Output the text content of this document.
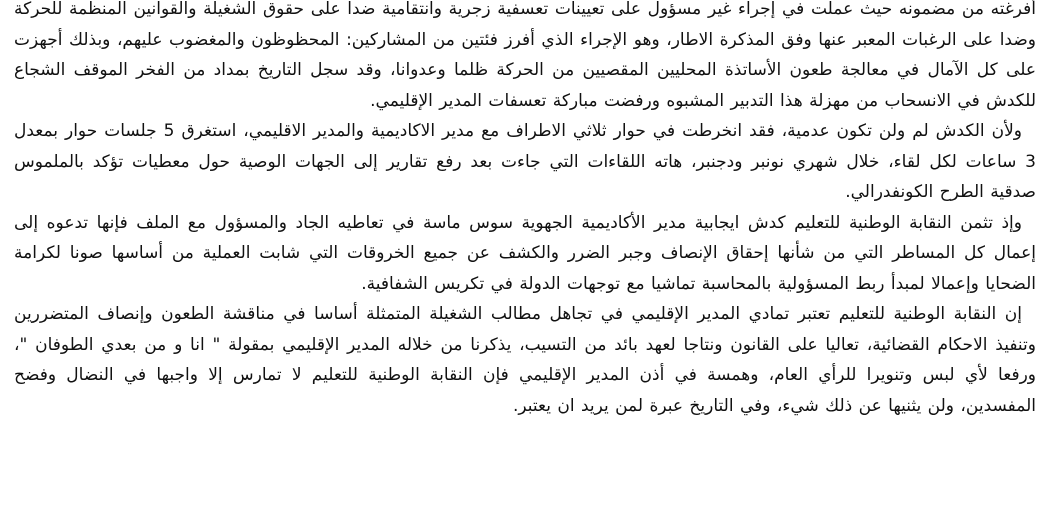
أفرغته من مضمونه حيث عملت في إجراء غير مسؤول على تعيينات تعسفية زجرية وانتقامية ضدا على حقوق الشغيلة والقوانين المنظمة للحركة وضدا على الرغبات المعبر عنها وفق المذكرة الاطار، وهو الإجراء الذي أفرز فئتين من المشاركين: المحظوظون والمغضوب عليهم، وبذلك أجهزت على كل الآمال في معالجة طعون الأساتذة المحليين المقصيين من الحركة ظلما وعدوانا، وقد سجل التاريخ بمداد من الفخر الموقف الشجاع للكدش في الانسحاب من مهزلة هذا التدبير المشبوه ورفضت مباركة تعسفات المدير الإقليمي.

ولأن الكدش لم ولن تكون عدمية، فقد انخرطت في حوار ثلاثي الاطراف مع مدير الاكاديمية والمدير الاقليمي، استغرق 5 جلسات حوار بمعدل 3 ساعات لكل لقاء، خلال شهري نونبر ودجنبر، هاته اللقاءات التي جاءت بعد رفع تقارير إلى الجهات الوصية حول معطيات تؤكد بالملموس صدقية الطرح الكونفدرالي.

وإذ تثمن النقابة الوطنية للتعليم كدش ايجابية مدير الأكاديمية الجهوية سوس ماسة في تعاطيه الجاد والمسؤول مع الملف فإنها تدعوه إلى إعمال كل المساطر التي من شأنها إحقاق الإنصاف وجبر الضرر والكشف عن جميع الخروقات التي شابت العملية من أساسها صونا لكرامة الضحايا وإعمالا لمبدأ ربط المسؤولية بالمحاسبة تماشيا مع توجهات الدولة في تكريس الشفافية.

إن النقابة الوطنية للتعليم تعتبر تمادي المدير الإقليمي في تجاهل مطالب الشغيلة المتمثلة أساسا في مناقشة الطعون وإنصاف المتضررين وتنفيذ الاحكام القضائية، تعاليا على القانون ونتاجا لعهد بائد من التسيب، يذكرنا من خلاله المدير الإقليمي بمقولة " انا و من بعدي الطوفان "، ورفعا لأي لبس وتنويرا للرأي العام، وهمسة في أذن المدير الإقليمي فإن النقابة الوطنية للتعليم لا تمارس إلا واجبها في النضال وفضح المفسدين، ولن يثنيها عن ذلك شيء، وفي التاريخ عبرة لمن يريد ان يعتبر.
